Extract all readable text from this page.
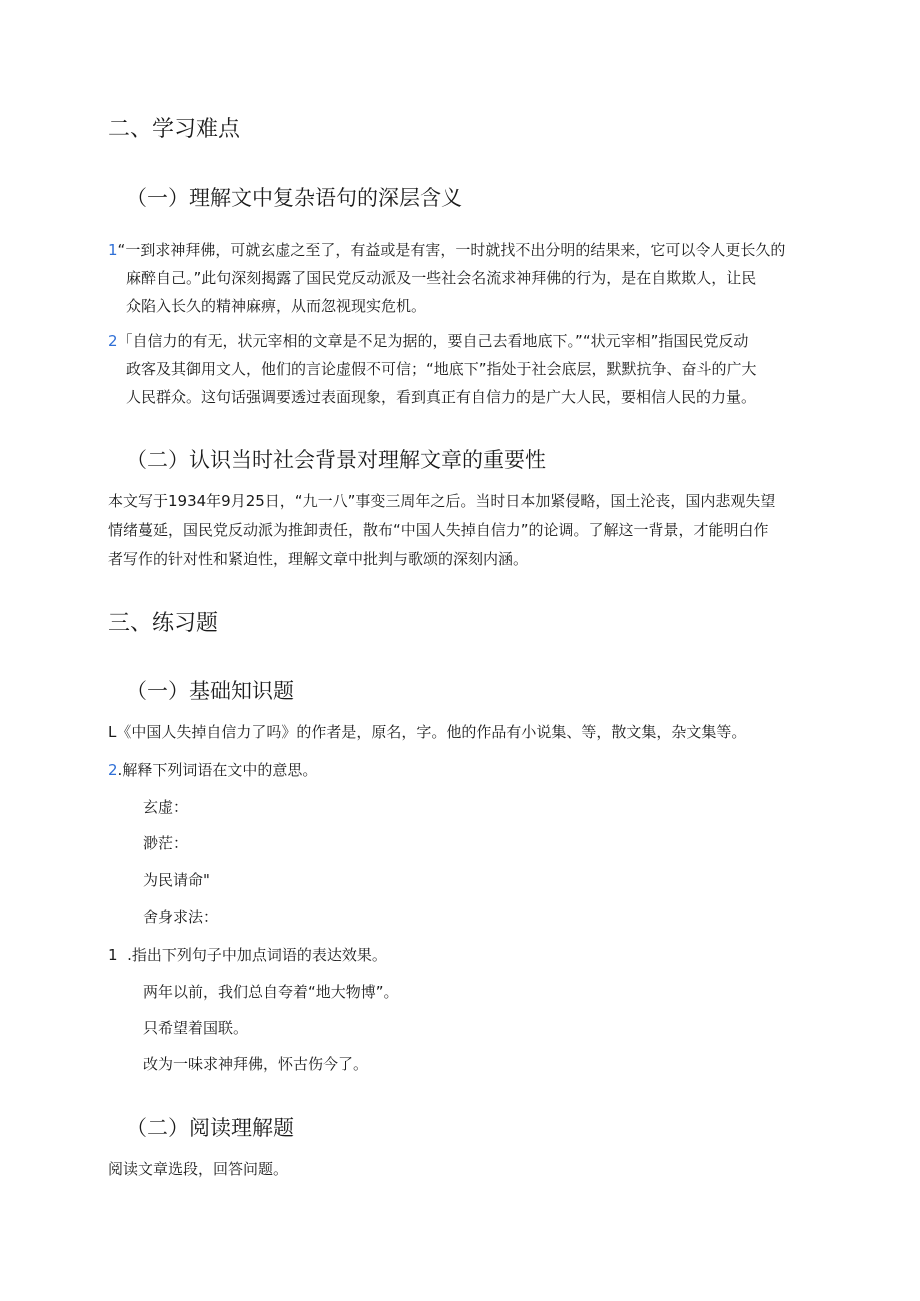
二、学习难点
（一）理解文中复杂语句的深层含义
1“一到求神拜佛，可就玄虚之至了，有益或是有害，一时就找不出分明的结果来，它可以令人更长久的
麻醉自己。”此句深刻揭露了国民党反动派及一些社会名流求神拜佛的行为，是在自欺欺人，让民
众陷入长久的精神麻痹，从而忽视现实危机。
2「自信力的有无，状元宰相的文章是不足为据的，要自己去看地底下。”“状元宰相”指国民党反动
政客及其御用文人，他们的言论虚假不可信；“地底下”指处于社会底层，默默抗争、奋斗的广大
人民群众。这句话强调要透过表面现象，看到真正有自信力的是广大人民，要相信人民的力量。
（二）认识当时社会背景对理解文章的重要性
本文写于1934年9月25日，“九一八”事变三周年之后。当时日本加紧侵略，国土沦丧，国内悲观失望
情绪蔓延，国民党反动派为推卸责任，散布“中国人失掉自信力”的论调。了解这一背景，才能明白作
者写作的针对性和紧迫性，理解文章中批判与歌颂的深刻内涵。
三、练习题
（一）基础知识题
L《中国人失掉自信力了吗》的作者是，原名，字。他的作品有小说集、等，散文集，杂文集等。
2.解释下列词语在文中的意思。
玄虚：
渺茫：
为民请命"
舍身求法：
1  .指出下列句子中加点词语的表达效果。
两年以前，我们总自夸着“地大物博”。
只希望着国联。
改为一味求神拜佛，怀古伤今了。
（二）阅读理解题
阅读文章选段，回答问题。
